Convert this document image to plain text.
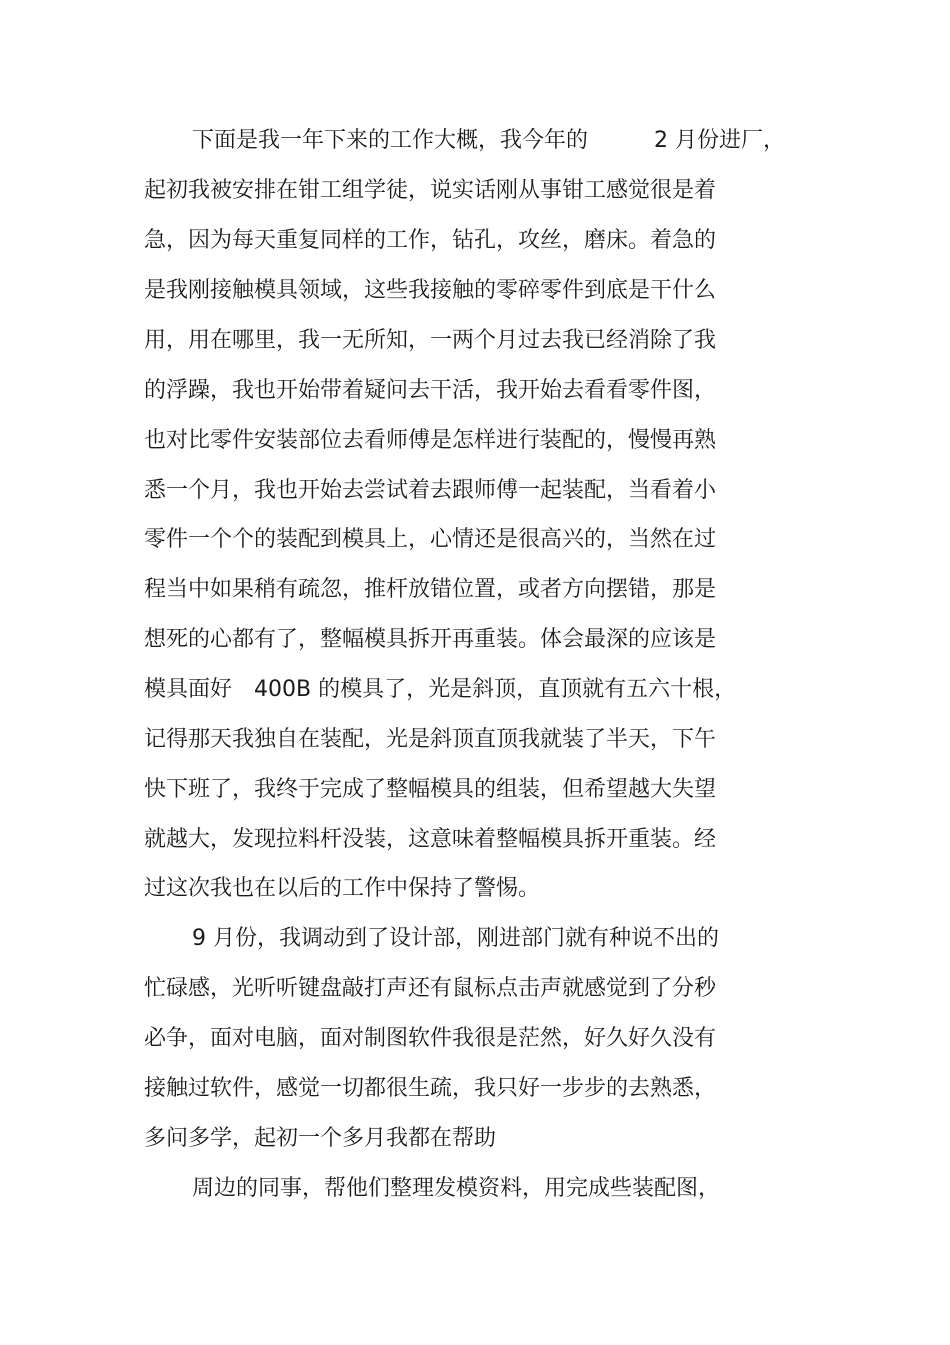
下面是我一年下来的工作大概，我今年的　　　2 月份进厂，
起初我被安排在钳工组学徒，说实话刚从事钳工感觉很是着
急，因为每天重复同样的工作，钻孔，攻丝，磨床。着急的
是我刚接触模具领域，这些我接触的零碎零件到底是干什么
用，用在哪里，我一无所知，一两个月过去我已经消除了我
的浮躁，我也开始带着疑问去干活，我开始去看看零件图，
也对比零件安装部位去看师傅是怎样进行装配的，慢慢再熟
悉一个月，我也开始去尝试着去跟师傅一起装配，当看着小
零件一个个的装配到模具上，心情还是很高兴的，当然在过
程当中如果稍有疏忽，推杆放错位置，或者方向摆错，那是
想死的心都有了，整幅模具拆开再重装。体会最深的应该是
模具面好　400B 的模具了，光是斜顶，直顶就有五六十根，
记得那天我独自在装配，光是斜顶直顶我就装了半天，下午
快下班了，我终于完成了整幅模具的组装，但希望越大失望
就越大，发现拉料杆没装，这意味着整幅模具拆开重装。经
过这次我也在以后的工作中保持了警惕。
9 月份，我调动到了设计部，刚进部门就有种说不出的
忙碌感，光听听键盘敲打声还有鼠标点击声就感觉到了分秒
必争，面对电脑，面对制图软件我很是茫然，好久好久没有
接触过软件，感觉一切都很生疏，我只好一步步的去熟悉，
多问多学，起初一个多月我都在帮助
周边的同事，帮他们整理发模资料，用完成些装配图，
